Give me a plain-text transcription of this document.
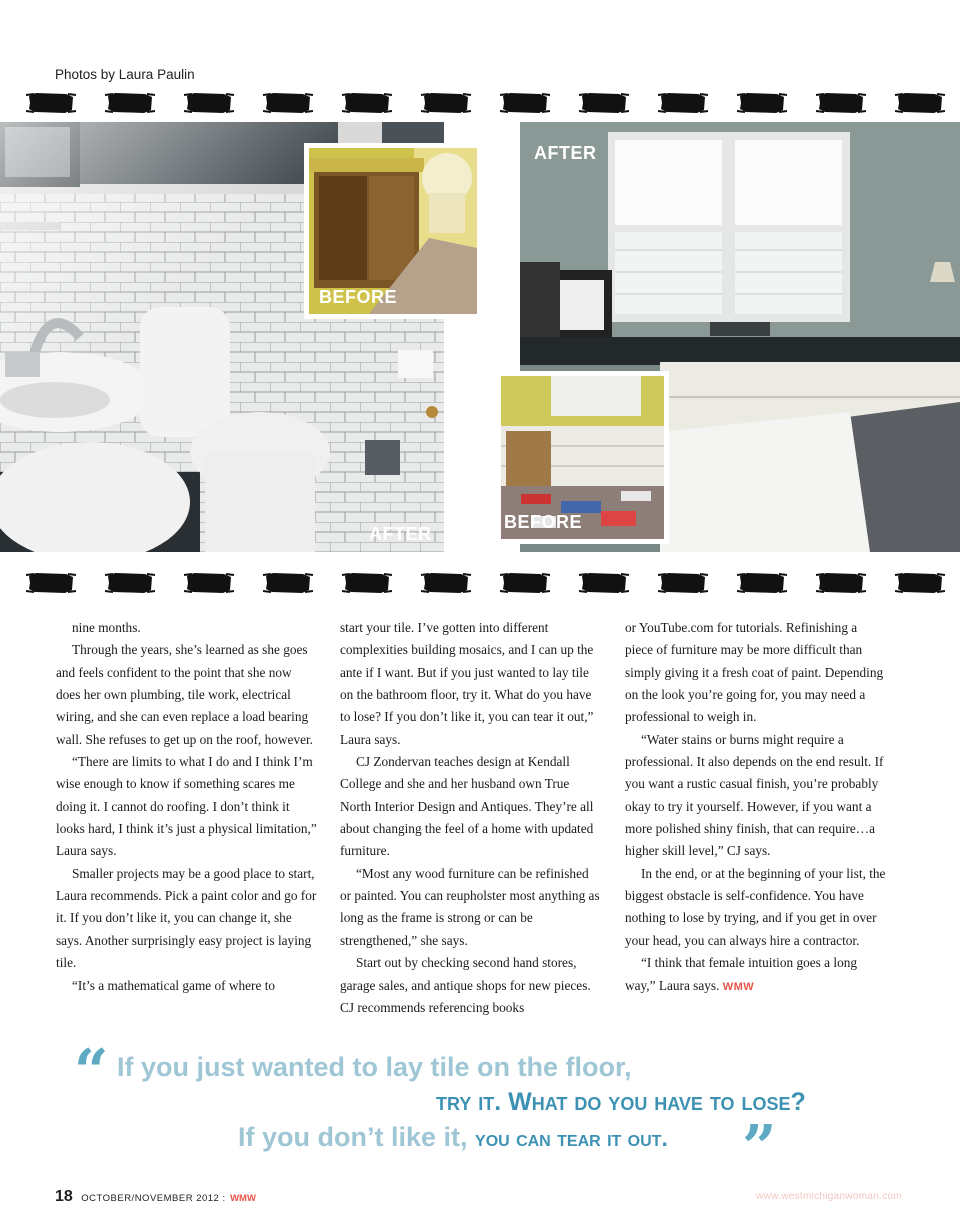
Photos by Laura Paulin
AFTER
BEFORE
AFTER
BEFORE

nine months.

Through the years, she’s learned as she goes and feels confident to the point that she now does her own plumbing, tile work, electrical wiring, and she can even replace a load bearing wall. She refuses to get up on the roof, however.

“There are limits to what I do and I think I’m wise enough to know if something scares me doing it. I cannot do roofing. I don’t think it looks hard, I think it’s just a physical limitation,” Laura says.

Smaller projects may be a good place to start, Laura recommends. Pick a paint color and go for it. If you don’t like it, you can change it, she says. Another surprisingly easy project is laying tile.

“It’s a mathematical game of where to

start your tile. I’ve gotten into different complexities building mosaics, and I can up the ante if I want. But if you just wanted to lay tile on the bathroom floor, try it. What do you have to lose? If you don’t like it, you can tear it out,” Laura says.

CJ Zondervan teaches design at Kendall College and she and her husband own True North Interior Design and Antiques. They’re all about changing the feel of a home with updated furniture.

“Most any wood furniture can be refinished or painted. You can reupholster most anything as long as the frame is strong or can be strengthened,” she says.

Start out by checking second hand stores, garage sales, and antique shops for new pieces. CJ recommends referencing books

or YouTube.com for tutorials. Refinishing a piece of furniture may be more difficult than simply giving it a fresh coat of paint. Depending on the look you’re going for, you may need a professional to weigh in.

“Water stains or burns might require a professional. It also depends on the end result. If you want a rustic casual finish, you’re probably okay to try it yourself. However, if you want a more polished shiny finish, that can require…a higher skill level,” CJ says.

In the end, or at the beginning of your list, the biggest obstacle is self-confidence. You have nothing to lose by trying, and if you get in over your head, you can always hire a contractor.

“I think that female intuition goes a long way,” Laura says. WMW

“ If you just wanted to lay tile on the floor,
try it. What do you have to lose?
If you don’t like it, you can tear it out. ”
18 OCTOBER/NOVEMBER 2012 : WMW	www.westmichiganwoman.com
